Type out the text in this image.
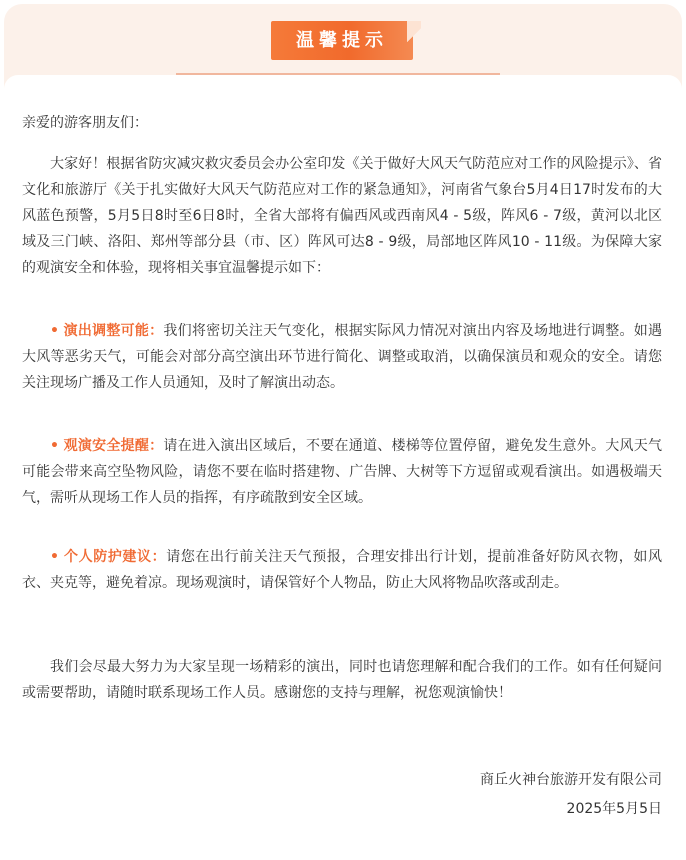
温馨提示

亲爱的游客朋友们：

大家好！根据省防灾减灾救灾委员会办公室印发《关于做好大风天气防范应对工作的风险提示》、省文化和旅游厅《关于扎实做好大风天气防范应对工作的紧急通知》，河南省气象台5月4日17时发布的大风蓝色预警，5月5日8时至6日8时，全省大部将有偏西风或西南风4 - 5级，阵风6 - 7级，黄河以北区域及三门峡、洛阳、郑州等部分县（市、区）阵风可达8 - 9级，局部地区阵风10 - 11级。为保障大家的观演安全和体验，现将相关事宜温馨提示如下：

• 演出调整可能：我们将密切关注天气变化，根据实际风力情况对演出内容及场地进行调整。如遇大风等恶劣天气，可能会对部分高空演出环节进行简化、调整或取消，以确保演员和观众的安全。请您关注现场广播及工作人员通知，及时了解演出动态。

• 观演安全提醒：请在进入演出区域后，不要在通道、楼梯等位置停留，避免发生意外。大风天气可能会带来高空坠物风险，请您不要在临时搭建物、广告牌、大树等下方逗留或观看演出。如遇极端天气，需听从现场工作人员的指挥，有序疏散到安全区域。

• 个人防护建议：请您在出行前关注天气预报，合理安排出行计划，提前准备好防风衣物，如风衣、夹克等，避免着凉。现场观演时，请保管好个人物品，防止大风将物品吹落或刮走。

我们会尽最大努力为大家呈现一场精彩的演出，同时也请您理解和配合我们的工作。如有任何疑问或需要帮助，请随时联系现场工作人员。感谢您的支持与理解，祝您观演愉快！

商丘火神台旅游开发有限公司

2025年5月5日
